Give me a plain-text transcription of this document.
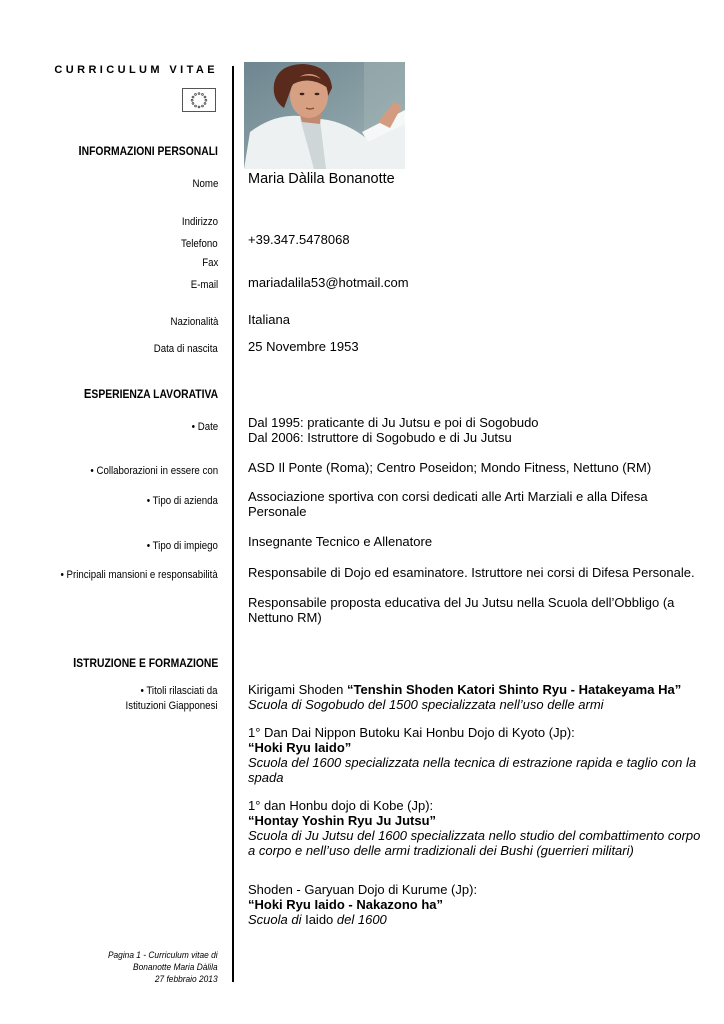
CURRICULUM VITAE
INFORMAZIONI PERSONALI
Nome Maria Dàlila Bonanotte
Indirizzo
Telefono +39.347.5478068
Fax
E-mail mariadalila53@hotmail.com
Nazionalità Italiana
Data di nascita 25 Novembre 1953
ESPERIENZA LAVORATIVA
• Date Dal 1995: praticante di Ju Jutsu e poi di Sogobudo
Dal 2006: Istruttore di Sogobudo e di Ju Jutsu
• Collaborazioni in essere con ASD Il Ponte (Roma); Centro Poseidon; Mondo Fitness, Nettuno (RM)
• Tipo di azienda Associazione sportiva con corsi dedicati alle Arti Marziali e alla Difesa
Personale
• Tipo di impiego Insegnante Tecnico e Allenatore
• Principali mansioni e responsabilità Responsabile di Dojo ed esaminatore. Istruttore nei corsi di Difesa Personale.
Responsabile proposta educativa del Ju Jutsu nella Scuola dell’Obbligo (a
Nettuno RM)
ISTRUZIONE E FORMAZIONE
• Titoli rilasciati da
Istituzioni Giapponesi
Kirigami Shoden “Tenshin Shoden Katori Shinto Ryu - Hatakeyama Ha”
Scuola di Sogobudo del 1500 specializzata nell’uso delle armi
1° Dan Dai Nippon Butoku Kai Honbu Dojo di Kyoto (Jp):
“Hoki Ryu Iaido”
Scuola del 1600 specializzata nella tecnica di estrazione rapida e taglio con la
spada
1° dan Honbu dojo di Kobe (Jp):
“Hontay Yoshin Ryu Ju Jutsu”
Scuola di Ju Jutsu del 1600 specializzata nello studio del combattimento corpo
a corpo e nell’uso delle armi tradizionali dei Bushi (guerrieri militari)
Shoden - Garyuan Dojo di Kurume (Jp):
“Hoki Ryu Iaido - Nakazono ha”
Scuola di Iaido del 1600
Pagina 1 - Curriculum vitae di
Bonanotte Maria Dàlila
27 febbraio 2013
